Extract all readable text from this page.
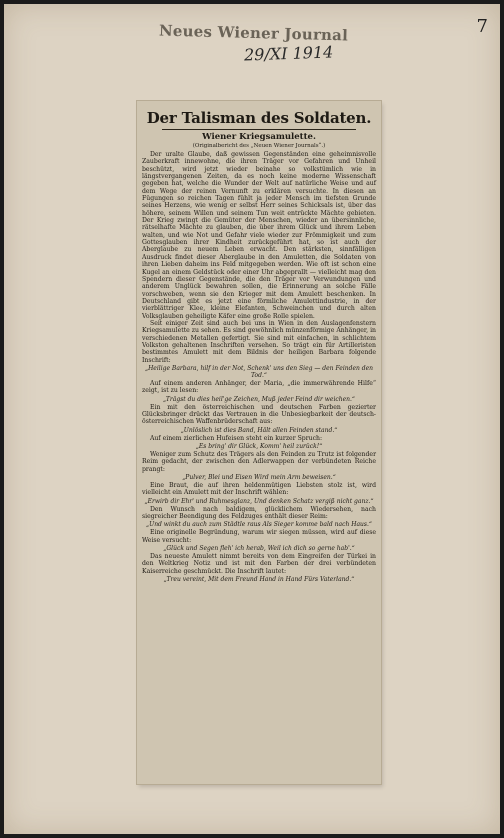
7
Neues Wiener Journal
29/XI 1914
Der Talisman des Soldaten.
Wiener Kriegsamulette.
(Originalbericht des „Neuen Wiener Journals“.)

Der uralte Glaube, daß gewissen Gegenständen eine geheimnisvolle Zauberkraft innewohne, die ihren Träger vor Gefahren und Unheil beschützt, wird jetzt wieder beinahe so volkstümlich wie in längstvergangenen Zeiten, da es noch keine moderne Wissenschaft gegeben hat, welche die Wunder der Welt auf natürliche Weise und auf dem Wege der reinen Vernunft zu erklären versuchte. In diesen an Fügungen so reichen Tagen fühlt ja jeder Mensch im tiefsten Grunde seines Herzens, wie wenig er selbst Herr seines Schicksals ist, über das höhere, seinem Willen und seinem Tun weit entrückte Mächte gebieten. Der Krieg zwingt die Gemüter der Menschen, wieder an übersinnliche, rätselhafte Mächte zu glauben, die über ihrem Glück und ihrem Leben walten, und wie Not und Gefahr viele wieder zur Frömmigkeit und zum Gottesglauben ihrer Kindheit zurückgeführt hat, so ist auch der Aberglaube zu neuem Leben erwacht. Den stärksten, sinnfälligen Ausdruck findet dieser Aberglaube in den Amuletten, die Soldaten von ihren Lieben daheim ins Feld mitgegeben werden. Wie oft ist schon eine Kugel an einem Geldstück oder einer Uhr abgeprallt — vielleicht mag den Spendern dieser Gegenstände, die den Träger vor Verwundungen und anderem Unglück bewahren sollen, die Erinnerung an solche Fälle vorschweben, wenn sie den Krieger mit dem Amulett beschenken. In Deutschland gibt es jetzt eine förmliche Amulettindustrie, in der vierblättriger Klee, kleine Elefanten, Schweinchen und durch alten Volksglauben geheiligte Käfer eine große Rolle spielen.

Seit einiger Zeit sind auch bei uns in Wien in den Auslagenfenstern Kriegsamulette zu sehen. Es sind gewöhnlich münzenförmige Anhänger, in verschiedenen Metallen gefertigt. Sie sind mit einfachen, in schlichtem Volkston gehaltenen Inschriften versehen. So trägt ein für Artilleristen bestimmtes Amulett mit dem Bildnis der heiligen Barbara folgende Inschrift:

„Heilige Barbara, hilf in der Not, Schenk' uns den Sieg — den Feinden den Tod.“

Auf einem anderen Anhänger, der Maria, „die immerwährende Hilfe“ zeigt, ist zu lesen:

„Trägst du dies heil'ge Zeichen, Muß jeder Feind dir weichen.“

Ein mit den österreichischen und deutschen Farben gezierter Glücksbringer drückt das Vertrauen in die Unbesiegbarkeit der deutsch-österreichischen Waffenbrüderschaft aus:

„Unlöslich ist dies Band, Hält allen Feinden stand.“

Auf einem zierlichen Hufeisen steht ein kurzer Spruch:

„Es bring' dir Glück, Komm' heil zurück!“

Weniger zum Schutz des Trägers als den Feinden zu Trutz ist folgender Reim gedacht, der zwischen den Adlerwappen der verbündeten Reiche prangt:

„Pulver, Blei und Eisen Wird mein Arm beweisen.“

Eine Braut, die auf ihren heldenmütigen Liebsten stolz ist, wird vielleicht ein Amulett mit der Inschrift wählen:

„Erwirb dir Ehr' und Ruhmesglanz, Und denken Schatz vergiß nicht ganz.“

Den Wunsch nach baldigem, glücklichem Wiedersehen, nach siegreicher Beendigung des Feldzuges enthält dieser Reim:

„Und winkt du auch zum Städtle raus Als Sieger komme bald nach Haus.“

Eine originelle Begründung, warum wir siegen müssen, wird auf diese Weise versucht:

„Glück und Segen fleh' ich herab, Weil ich dich so gerne hab'.“

Das neueste Amulett nimmt bereits von dem Eingreifen der Türkei in den Weltkrieg Notiz und ist mit den Farben der drei verbündeten Kaiserreiche geschmückt. Die Inschrift lautet:

„Treu vereint, Mit dem Freund Hand in Hand Fürs Vaterland.“
